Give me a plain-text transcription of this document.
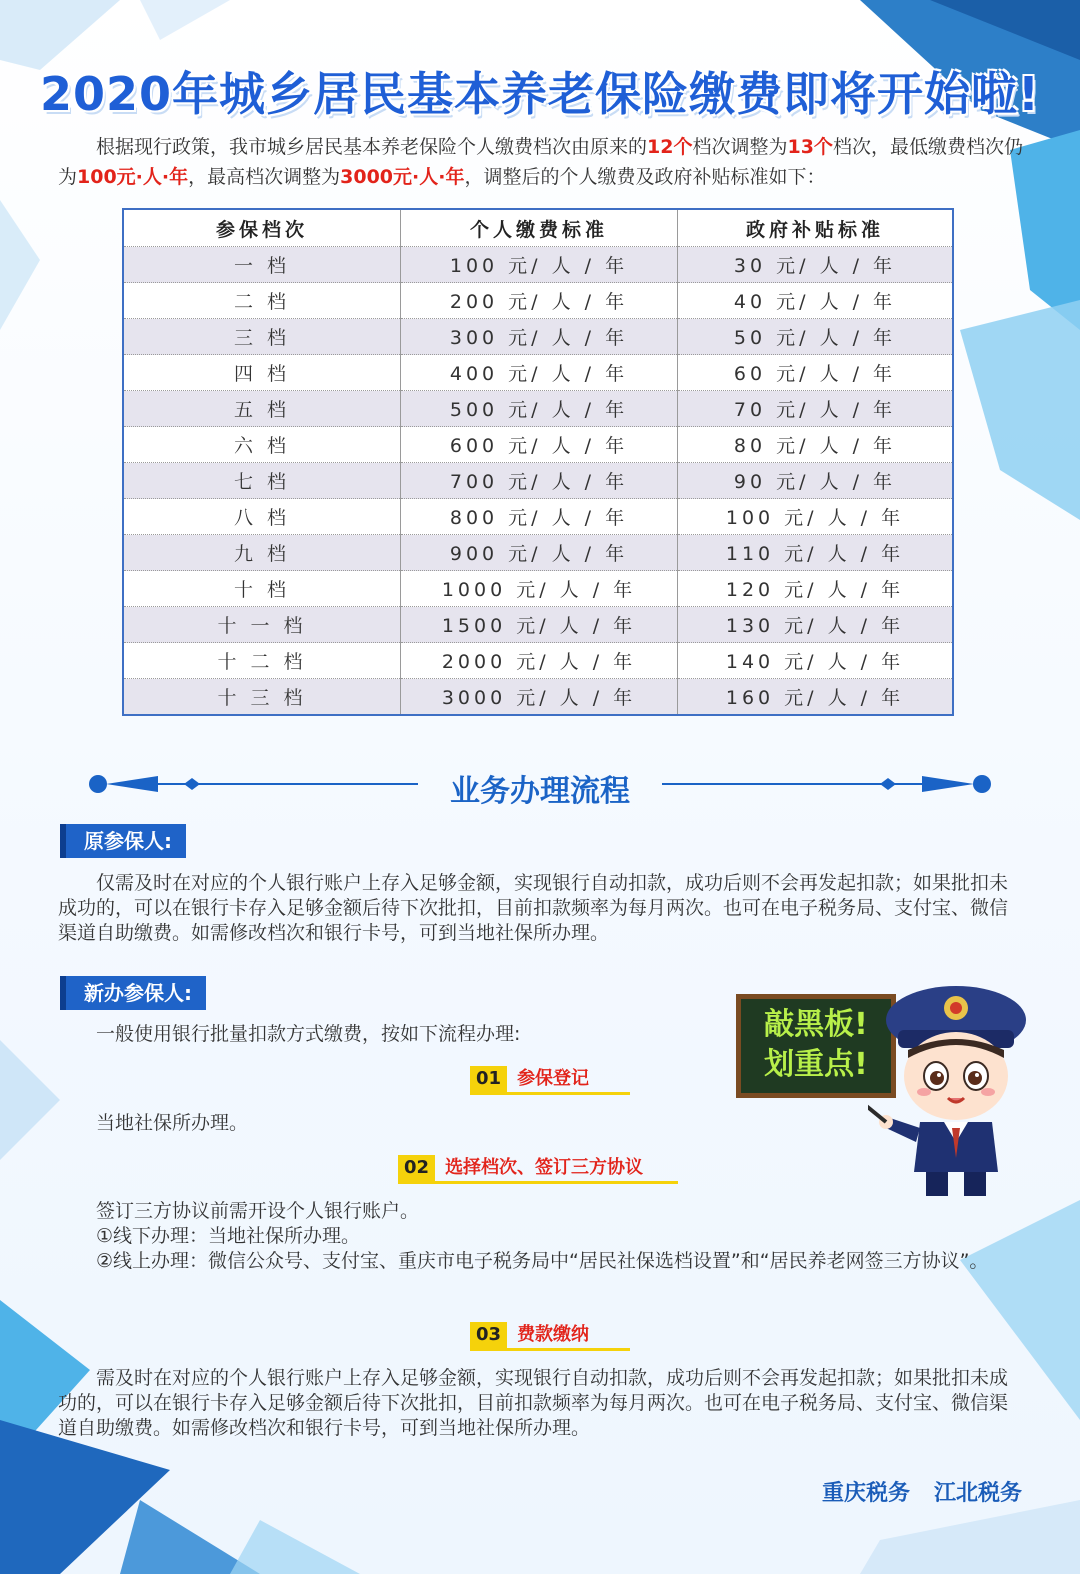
2020年城乡居民基本养老保险缴费即将开始啦!
根据现行政策，我市城乡居民基本养老保险个人缴费档次由原来的12个档次调整为13个档次，最低缴费档次仍为100元·人·年，最高档次调整为3000元·人·年，调整后的个人缴费及政府补贴标准如下：
参保档次	个人缴费标准	政府补贴标准
一 档	100 元/ 人 / 年	30 元/ 人 / 年
二 档	200 元/ 人 / 年	40 元/ 人 / 年
三 档	300 元/ 人 / 年	50 元/ 人 / 年
四 档	400 元/ 人 / 年	60 元/ 人 / 年
五 档	500 元/ 人 / 年	70 元/ 人 / 年
六 档	600 元/ 人 / 年	80 元/ 人 / 年
七 档	700 元/ 人 / 年	90 元/ 人 / 年
八 档	800 元/ 人 / 年	100 元/ 人 / 年
九 档	900 元/ 人 / 年	110 元/ 人 / 年
十 档	1000 元/ 人 / 年	120 元/ 人 / 年
十 一 档	1500 元/ 人 / 年	130 元/ 人 / 年
十 二 档	2000 元/ 人 / 年	140 元/ 人 / 年
十 三 档	3000 元/ 人 / 年	160 元/ 人 / 年
业务办理流程
原参保人:
仅需及时在对应的个人银行账户上存入足够金额，实现银行自动扣款，成功后则不会再发起扣款；如果批扣未成功的，可以在银行卡存入足够金额后待下次批扣，目前扣款频率为每月两次。也可在电子税务局、支付宝、微信渠道自助缴费。如需修改档次和银行卡号，可到当地社保所办理。
新办参保人:
一般使用银行批量扣款方式缴费，按如下流程办理:
01 参保登记
当地社保所办理。
02 选择档次、签订三方协议

签订三方协议前需开设个人银行账户。

①线下办理：当地社保所办理。

②线上办理：微信公众号、支付宝、重庆市电子税务局中“居民社保选档设置”和“居民养老网签三方协议”。

03 费款缴纳
需及时在对应的个人银行账户上存入足够金额，实现银行自动扣款，成功后则不会再发起扣款；如果批扣未成功的，可以在银行卡存入足够金额后待下次批扣，目前扣款频率为每月两次。也可在电子税务局、支付宝、微信渠道自助缴费。如需修改档次和银行卡号，可到当地社保所办理。
敲黑板!
划重点!
重庆税务 江北税务
